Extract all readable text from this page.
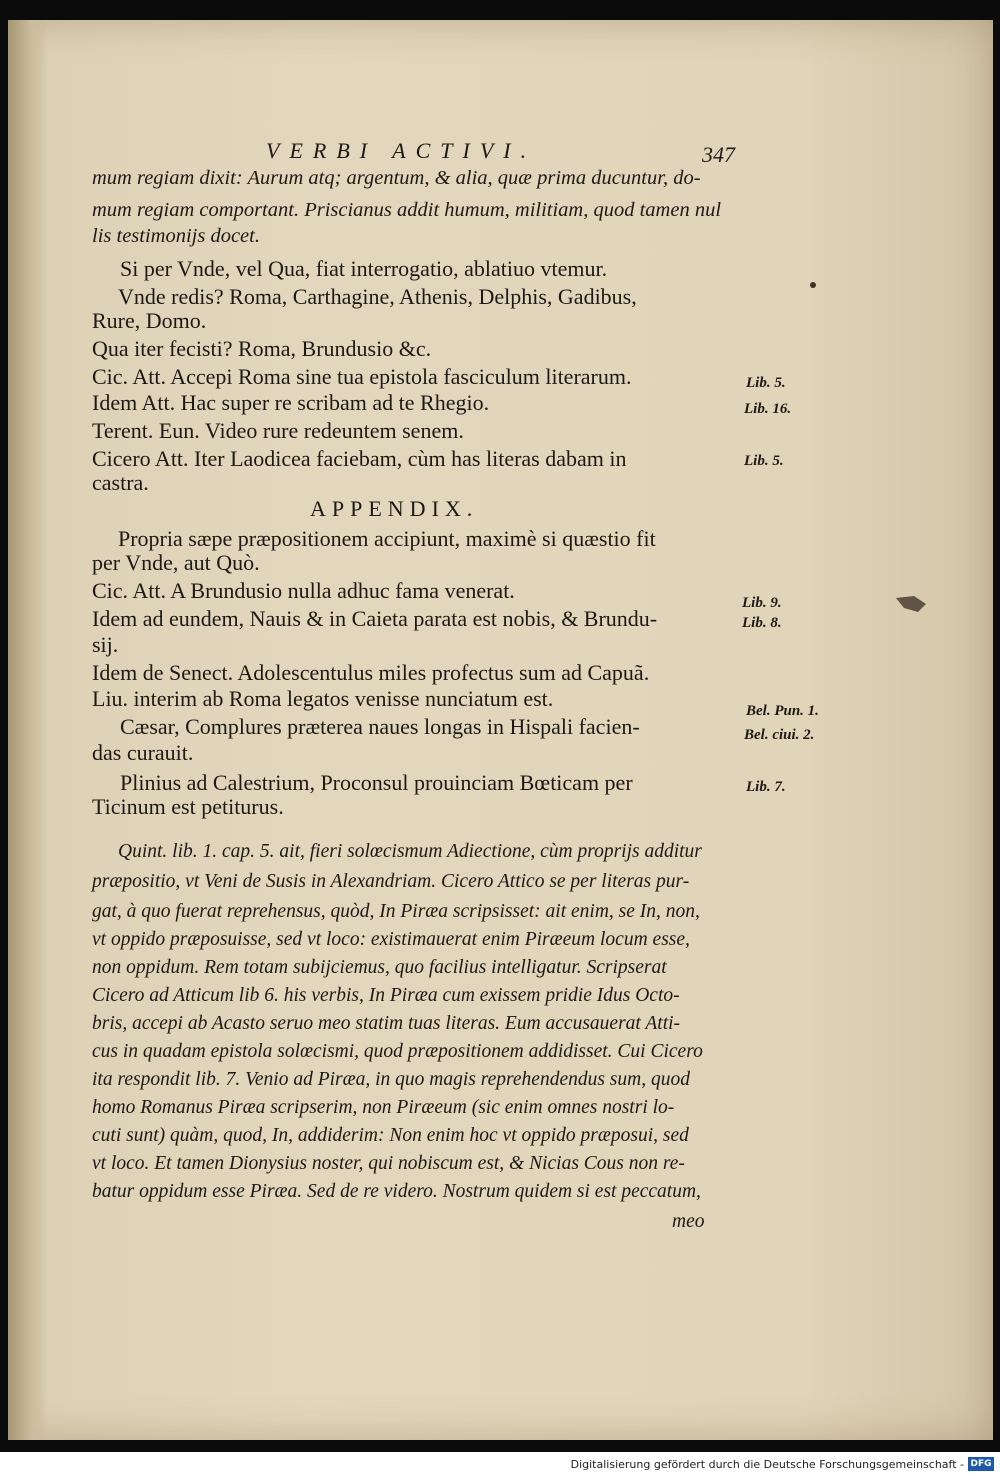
VERBI ACTIVI.	347
mum regiam dixit: Aurum atq; argentum, & alia, quæ prima ducuntur, do-
mum regiam comportant. Priscianus addit humum, militiam, quod tamen nul
lis testimonijs docet.
Si per Vnde, vel Qua, fiat interrogatio, ablatiuo vtemur.
Vnde redis? Roma, Carthagine, Athenis, Delphis, Gadibus,
Rure, Domo.
Qua iter fecisti? Roma, Brundusio &c.
Cic. Att. Accepi Roma sine tua epistola fasciculum literarum.
Idem Att. Hac super re scribam ad te Rhegio.
Terent. Eun. Video rure redeuntem senem.
Cicero Att. Iter Laodicea faciebam, cùm has literas dabam in
castra.
APPENDIX.
Propria sæpe præpositionem accipiunt, maximè si quæstio fit
per Vnde, aut Quò.
Cic. Att. A Brundusio nulla adhuc fama venerat.
Idem ad eundem, Nauis & in Caieta parata est nobis, & Brundu-
sij.
Idem de Senect. Adolescentulus miles profectus sum ad Capuã.
Liu. interim ab Roma legatos venisse nunciatum est.
Cæsar, Complures præterea naues longas in Hispali facien-
das curauit.
Plinius ad Calestrium, Proconsul prouinciam Bœticam per
Ticinum est petiturus.
Quint. lib. 1. cap. 5. ait, fieri solœcismum Adiectione, cùm proprijs additur
præpositio, vt Veni de Susis in Alexandriam. Cicero Attico se per literas pur-
gat, à quo fuerat reprehensus, quòd, In Piræa scripsisset: ait enim, se In, non,
vt oppido præposuisse, sed vt loco: existimauerat enim Piræeum locum esse,
non oppidum. Rem totam subijciemus, quo facilius intelligatur. Scripserat
Cicero ad Atticum lib 6. his verbis, In Piræa cum exissem pridie Idus Octo-
bris, accepi ab Acasto seruo meo statim tuas literas. Eum accusauerat Atti-
cus in quadam epistola solœcismi, quod præpositionem addidisset. Cui Cicero
ita respondit lib. 7. Venio ad Piræa, in quo magis reprehendendus sum, quod
homo Romanus Piræa scripserim, non Piræeum (sic enim omnes nostri lo-
cuti sunt) quàm, quod, In, addiderim: Non enim hoc vt oppido præposui, sed
vt loco. Et tamen Dionysius noster, qui nobiscum est, & Nicias Cous non re-
batur oppidum esse Piræa. Sed de re videro. Nostrum quidem si est peccatum,
meo
Lib. 5.
Lib. 16.
Lib. 5.
Lib. 9.
Lib. 8.
Bel. Pun. 1.
Bel. ciui. 2.
Lib. 7.
Digitalisierung gefördert durch die Deutsche Forschungsgemeinschaft - DFG
